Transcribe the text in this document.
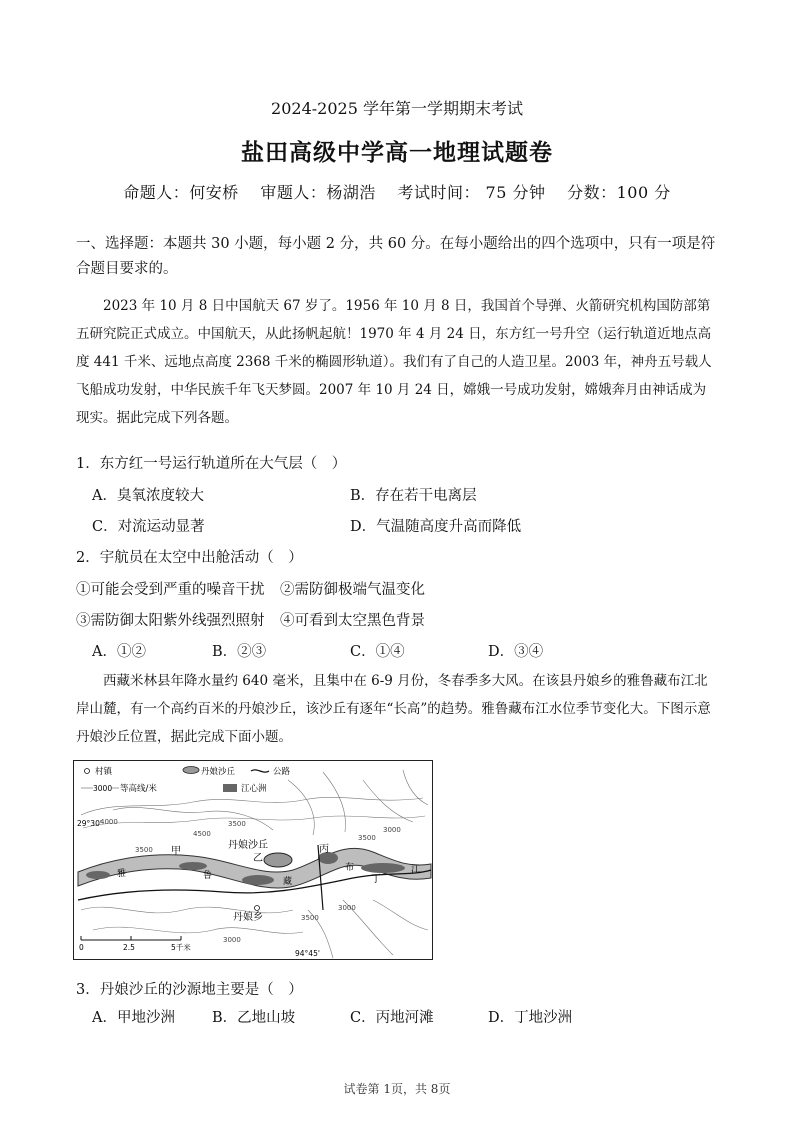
2024-2025 学年第一学期期末考试
盐田高级中学高一地理试题卷
命题人：何安桥 审题人：杨湖浩 考试时间： 75 分钟 分数：100 分
一、选择题：本题共 30 小题，每小题 2 分，共 60 分。在每小题给出的四个选项中，只有一项是符合题目要求的。
2023 年 10 月 8 日中国航天 67 岁了。1956 年 10 月 8 日，我国首个导弹、火箭研究机构国防部第五研究院正式成立。中国航天，从此扬帆起航！1970 年 4 月 24 日，东方红一号升空（运行轨道近地点高度 441 千米、远地点高度 2368 千米的椭圆形轨道）。我们有了自己的人造卫星。2003 年，神舟五号载人飞船成功发射，中华民族千年飞天梦圆。2007 年 10 月 24 日，嫦娥一号成功发射，嫦娥奔月由神话成为现实。据此完成下列各题。
1．东方红一号运行轨道所在大气层（　）
A．臭氧浓度较大	B．存在若干电离层
C．对流运动显著	D．气温随高度升高而降低
2．宇航员在太空中出舱活动（　）
①可能会受到严重的噪音干扰 ②需防御极端气温变化
③需防御太阳紫外线强烈照射 ④可看到太空黑色背景
A．①②	B．②③	C．①④	D．③④
西藏米林县年降水量约 640 毫米，且集中在 6-9 月份，冬春季多大风。在该县丹娘乡的雅鲁藏布江北岸山麓，有一个高约百米的丹娘沙丘，该沙丘有逐年“长高”的趋势。雅鲁藏布江水位季节变化大。下图示意丹娘沙丘位置，据此完成下面小题。
村镇	丹娘沙丘	公路
3000 等高线/米	江心洲
29°30'
94°45'
4000
4500
3500
3500
3500
3500
3000
3000
3000
甲
乙
丹娘沙丘	丙
丁
丹娘乡
雅	鲁
藏
布	江
0	2.5	5千米
3．丹娘沙丘的沙源地主要是（　）
A．甲地沙洲	B．乙地山坡	C．丙地河滩	D．丁地沙洲
试卷第 1页，共 8页
